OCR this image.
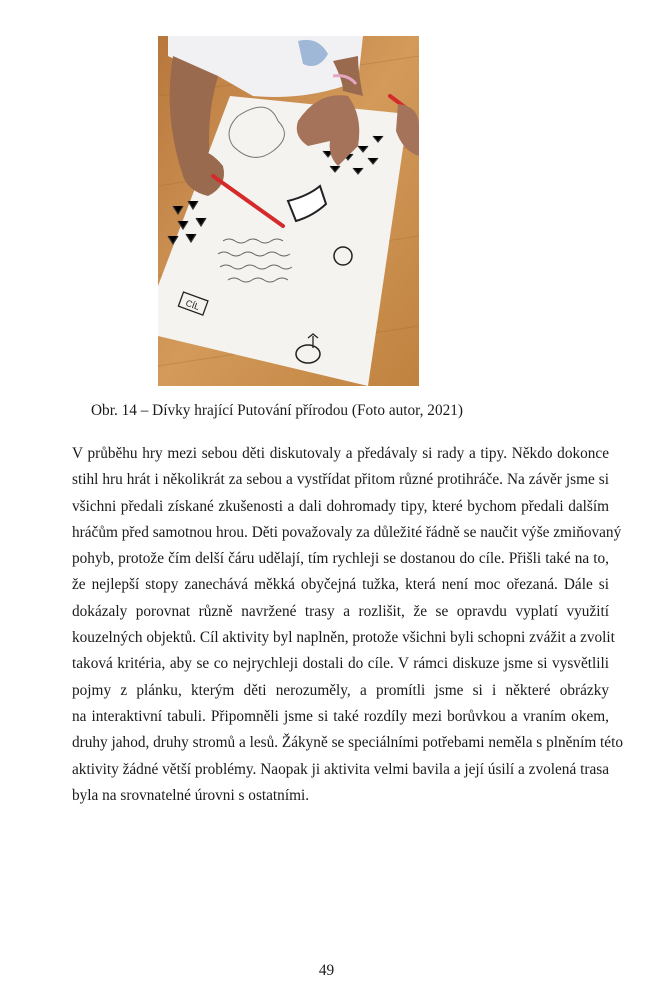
CÍL
Obr. 14 – Dívky hrající Putování přírodou (Foto autor, 2021)
V průběhu hry mezi sebou děti diskutovaly a předávaly si rady a tipy. Někdo dokonce
stihl hru hrát i několikrát za sebou a vystřídat přitom různé protihráče. Na závěr jsme si
všichni předali získané zkušenosti a dali dohromady tipy, které bychom předali dalším
hráčům před samotnou hrou. Děti považovaly za důležité řádně se naučit výše zmiňovaný
pohyb, protože čím delší čáru udělají, tím rychleji se dostanou do cíle. Přišli také na to,
že nejlepší stopy zanechává měkká obyčejná tužka, která není moc ořezaná. Dále si
dokázaly porovnat různě navržené trasy a rozlišit, že se opravdu vyplatí využití
kouzelných objektů. Cíl aktivity byl naplněn, protože všichni byli schopni zvážit a zvolit
taková kritéria, aby se co nejrychleji dostali do cíle. V rámci diskuze jsme si vysvětlili
pojmy z plánku, kterým děti nerozuměly, a promítli jsme si i některé obrázky
na interaktivní tabuli. Připomněli jsme si také rozdíly mezi borůvkou a vraním okem,
druhy jahod, druhy stromů a lesů. Žákyně se speciálními potřebami neměla s plněním této
aktivity žádné větší problémy. Naopak ji aktivita velmi bavila a její úsilí a zvolená trasa
byla na srovnatelné úrovni s ostatními.
49
